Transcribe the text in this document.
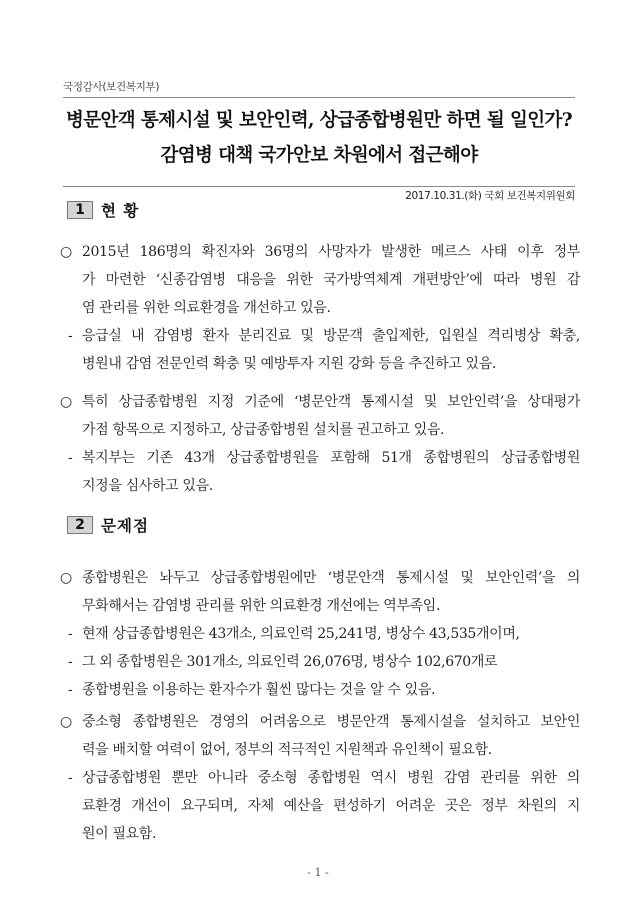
국정감사(보건복지부)
병문안객 통제시설 및 보안인력, 상급종합병원만 하면 될 일인가?
감염병 대책 국가안보 차원에서 접근해야
2017.10.31.(화) 국회 보건복지위원회
1	현 황
○ 2015년 186명의 확진자와 36명의 사망자가 발생한 메르스 사태 이후 정부
가 마련한 ‘신종감염병 대응을 위한 국가방역체계 개편방안’에 따라 병원 감
염 관리를 위한 의료환경을 개선하고 있음.
- 응급실 내 감염병 환자 분리진료 및 방문객 출입제한, 입원실 격리병상 확충,
병원내 감염 전문인력 확충 및 예방투자 지원 강화 등을 추진하고 있음.
○ 특히 상급종합병원 지정 기준에 ‘병문안객 통제시설 및 보안인력’을 상대평가
가점 항목으로 지정하고, 상급종합병원 설치를 권고하고 있음.
- 복지부는 기존 43개 상급종합병원을 포함해 51개 종합병원의 상급종합병원
지정을 심사하고 있음.
2	문제점
○ 종합병원은 놔두고 상급종합병원에만 ‘병문안객 통제시설 및 보안인력’을 의
무화해서는 감염병 관리를 위한 의료환경 개선에는 역부족임.
- 현재 상급종합병원은 43개소, 의료인력 25,241명, 병상수 43,535개이며,
- 그 외 종합병원은 301개소, 의료인력 26,076명, 병상수 102,670개로
- 종합병원을 이용하는 환자수가 훨씬 많다는 것을 알 수 있음.
○ 중소형 종합병원은 경영의 어려움으로 병문안객 통제시설을 설치하고 보안인
력을 배치할 여력이 없어, 정부의 적극적인 지원책과 유인책이 필요함.
- 상급종합병원 뿐만 아니라 중소형 종합병원 역시 병원 감염 관리를 위한 의
료환경 개선이 요구되며, 자체 예산을 편성하기 어려운 곳은 정부 차원의 지
원이 필요함.
- 1 -
